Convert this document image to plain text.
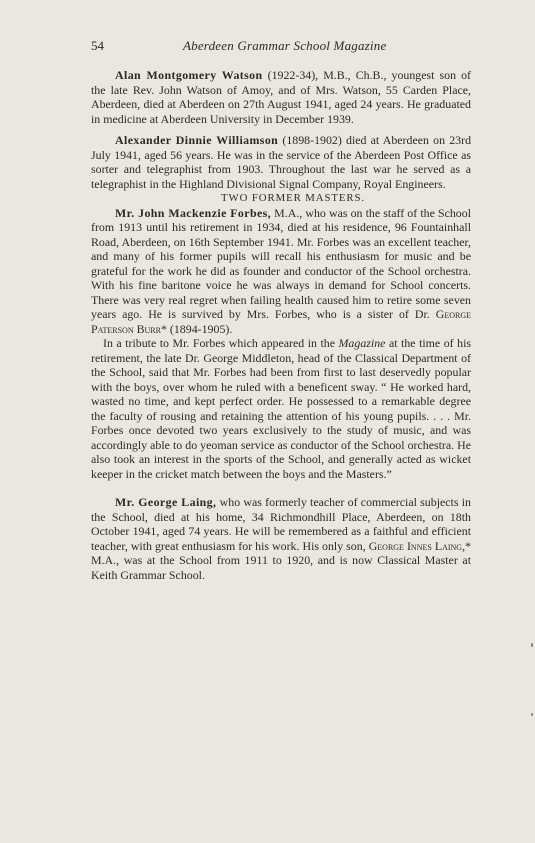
54	Aberdeen Grammar School Magazine

Alan Montgomery Watson (1922-34), M.B., Ch.B., youngest son of the late Rev. John Watson of Amoy, and of Mrs. Watson, 55 Carden Place, Aberdeen, died at Aberdeen on 27th August 1941, aged 24 years. He graduated in medicine at Aberdeen University in December 1939.

Alexander Dinnie Williamson (1898-1902) died at Aberdeen on 23rd July 1941, aged 56 years. He was in the service of the Aberdeen Post Office as sorter and telegraphist from 1903. Throughout the last war he served as a telegraphist in the Highland Divisional Signal Company, Royal Engineers.

TWO FORMER MASTERS.

Mr. John Mackenzie Forbes, M.A., who was on the staff of the School from 1913 until his retirement in 1934, died at his residence, 96 Fountainhall Road, Aberdeen, on 16th September 1941. Mr. Forbes was an excellent teacher, and many of his former pupils will recall his enthusiasm for music and be grateful for the work he did as founder and conductor of the School orchestra. With his fine baritone voice he was always in demand for School concerts. There was very real regret when failing health caused him to retire some seven years ago. He is survived by Mrs. Forbes, who is a sister of Dr. George Paterson Burr* (1894-1905).

In a tribute to Mr. Forbes which appeared in the Magazine at the time of his retirement, the late Dr. George Middleton, head of the Classical Department of the School, said that Mr. Forbes had been from first to last deservedly popular with the boys, over whom he ruled with a beneficent sway. “ He worked hard, wasted no time, and kept perfect order. He possessed to a remarkable degree the faculty of rousing and retaining the attention of his young pupils. . . . Mr. Forbes once devoted two years exclusively to the study of music, and was accordingly able to do yeoman service as conductor of the School orchestra. He also took an interest in the sports of the School, and generally acted as wicket keeper in the cricket match between the boys and the Masters.”

Mr. George Laing, who was formerly teacher of commercial subjects in the School, died at his home, 34 Richmondhill Place, Aberdeen, on 18th October 1941, aged 74 years. He will be remembered as a faithful and efficient teacher, with great enthusiasm for his work. His only son, George Innes Laing,* M.A., was at the School from 1911 to 1920, and is now Classical Master at Keith Grammar School.
